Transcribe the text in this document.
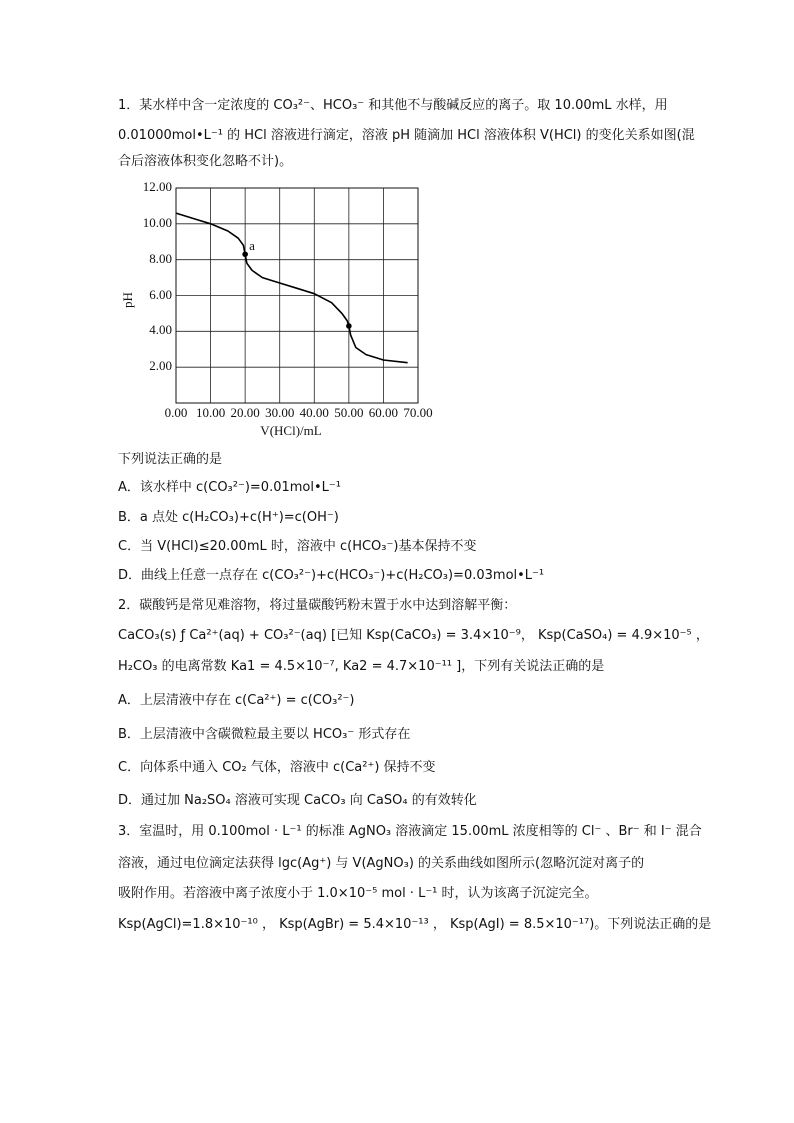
1．某水样中含一定浓度的 CO₃²⁻、HCO₃⁻ 和其他不与酸碱反应的离子。取 10.00mL 水样，用
0.01000mol•L⁻¹ 的 HCl 溶液进行滴定，溶液 pH 随滴加 HCl 溶液体积 V(HCl) 的变化关系如图(混
合后溶液体积变化忽略不计)。
a
0.00 10.00 20.00 30.00 40.00 50.00 60.00 70.00
2.00
4.00
6.00
8.00
10.00
12.00
V(HCl)/mL
pH
下列说法正确的是
A．该水样中 c(CO₃²⁻)=0.01mol•L⁻¹
B．a 点处 c(H₂CO₃)+c(H⁺)=c(OH⁻)
C．当 V(HCl)≤20.00mL 时，溶液中 c(HCO₃⁻)基本保持不变
D．曲线上任意一点存在 c(CO₃²⁻)+c(HCO₃⁻)+c(H₂CO₃)=0.03mol•L⁻¹
2．碳酸钙是常见难溶物，将过量碳酸钙粉末置于水中达到溶解平衡：
CaCO₃(s) ƒ Ca²⁺(aq) + CO₃²⁻(aq) [已知 Ksp(CaCO₃) = 3.4×10⁻⁹， Ksp(CaSO₄) = 4.9×10⁻⁵ ，
H₂CO₃ 的电离常数 Ka1 = 4.5×10⁻⁷, Ka2 = 4.7×10⁻¹¹ ]，下列有关说法正确的是
A．上层清液中存在 c(Ca²⁺) = c(CO₃²⁻)
B．上层清液中含碳微粒最主要以 HCO₃⁻ 形式存在
C．向体系中通入 CO₂ 气体，溶液中 c(Ca²⁺) 保持不变
D．通过加 Na₂SO₄ 溶液可实现 CaCO₃ 向 CaSO₄ 的有效转化
3．室温时，用 0.100mol · L⁻¹ 的标准 AgNO₃ 溶液滴定 15.00mL 浓度相等的 Cl⁻ 、Br⁻ 和 I⁻ 混合
溶液，通过电位滴定法获得 lgc(Ag⁺) 与 V(AgNO₃) 的关系曲线如图所示(忽略沉淀对离子的
吸附作用。若溶液中离子浓度小于 1.0×10⁻⁵ mol · L⁻¹ 时，认为该离子沉淀完全。
Ksp(AgCl)=1.8×10⁻¹⁰ ， Ksp(AgBr) = 5.4×10⁻¹³ ， Ksp(AgI) = 8.5×10⁻¹⁷)。下列说法正确的是
